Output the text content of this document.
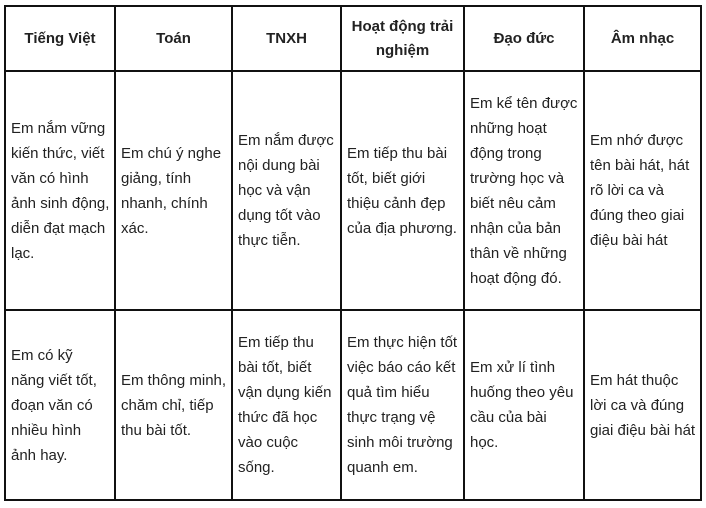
Tiếng Việt	Toán	TNXH	Hoạt động trải nghiệm	Đạo đức	Âm nhạc
Em nắm vững kiến thức, viết văn có hình ảnh sinh động, diễn đạt mạch lạc.	Em chú ý nghe giảng, tính nhanh, chính xác.	Em nắm được nội dung bài học và vận dụng tốt vào thực tiễn.	Em tiếp thu bài tốt, biết giới thiệu cảnh đẹp của địa phương.	Em kể tên được những hoạt động trong trường học và biết nêu cảm nhận của bản thân về những hoạt động đó.	Em nhớ được tên bài hát, hát rõ lời ca và đúng theo giai điệu bài hát
Em có kỹ năng viết tốt, đoạn văn có nhiều hình ảnh hay.	Em thông minh, chăm chỉ, tiếp thu bài tốt.	Em tiếp thu bài tốt, biết vận dụng kiến thức đã học vào cuộc sống.	Em thực hiện tốt việc báo cáo kết quả tìm hiểu thực trạng vệ sinh môi trường quanh em.	Em xử lí tình huống theo yêu cầu của bài học.	Em hát thuộc lời ca và đúng giai điệu bài hát
